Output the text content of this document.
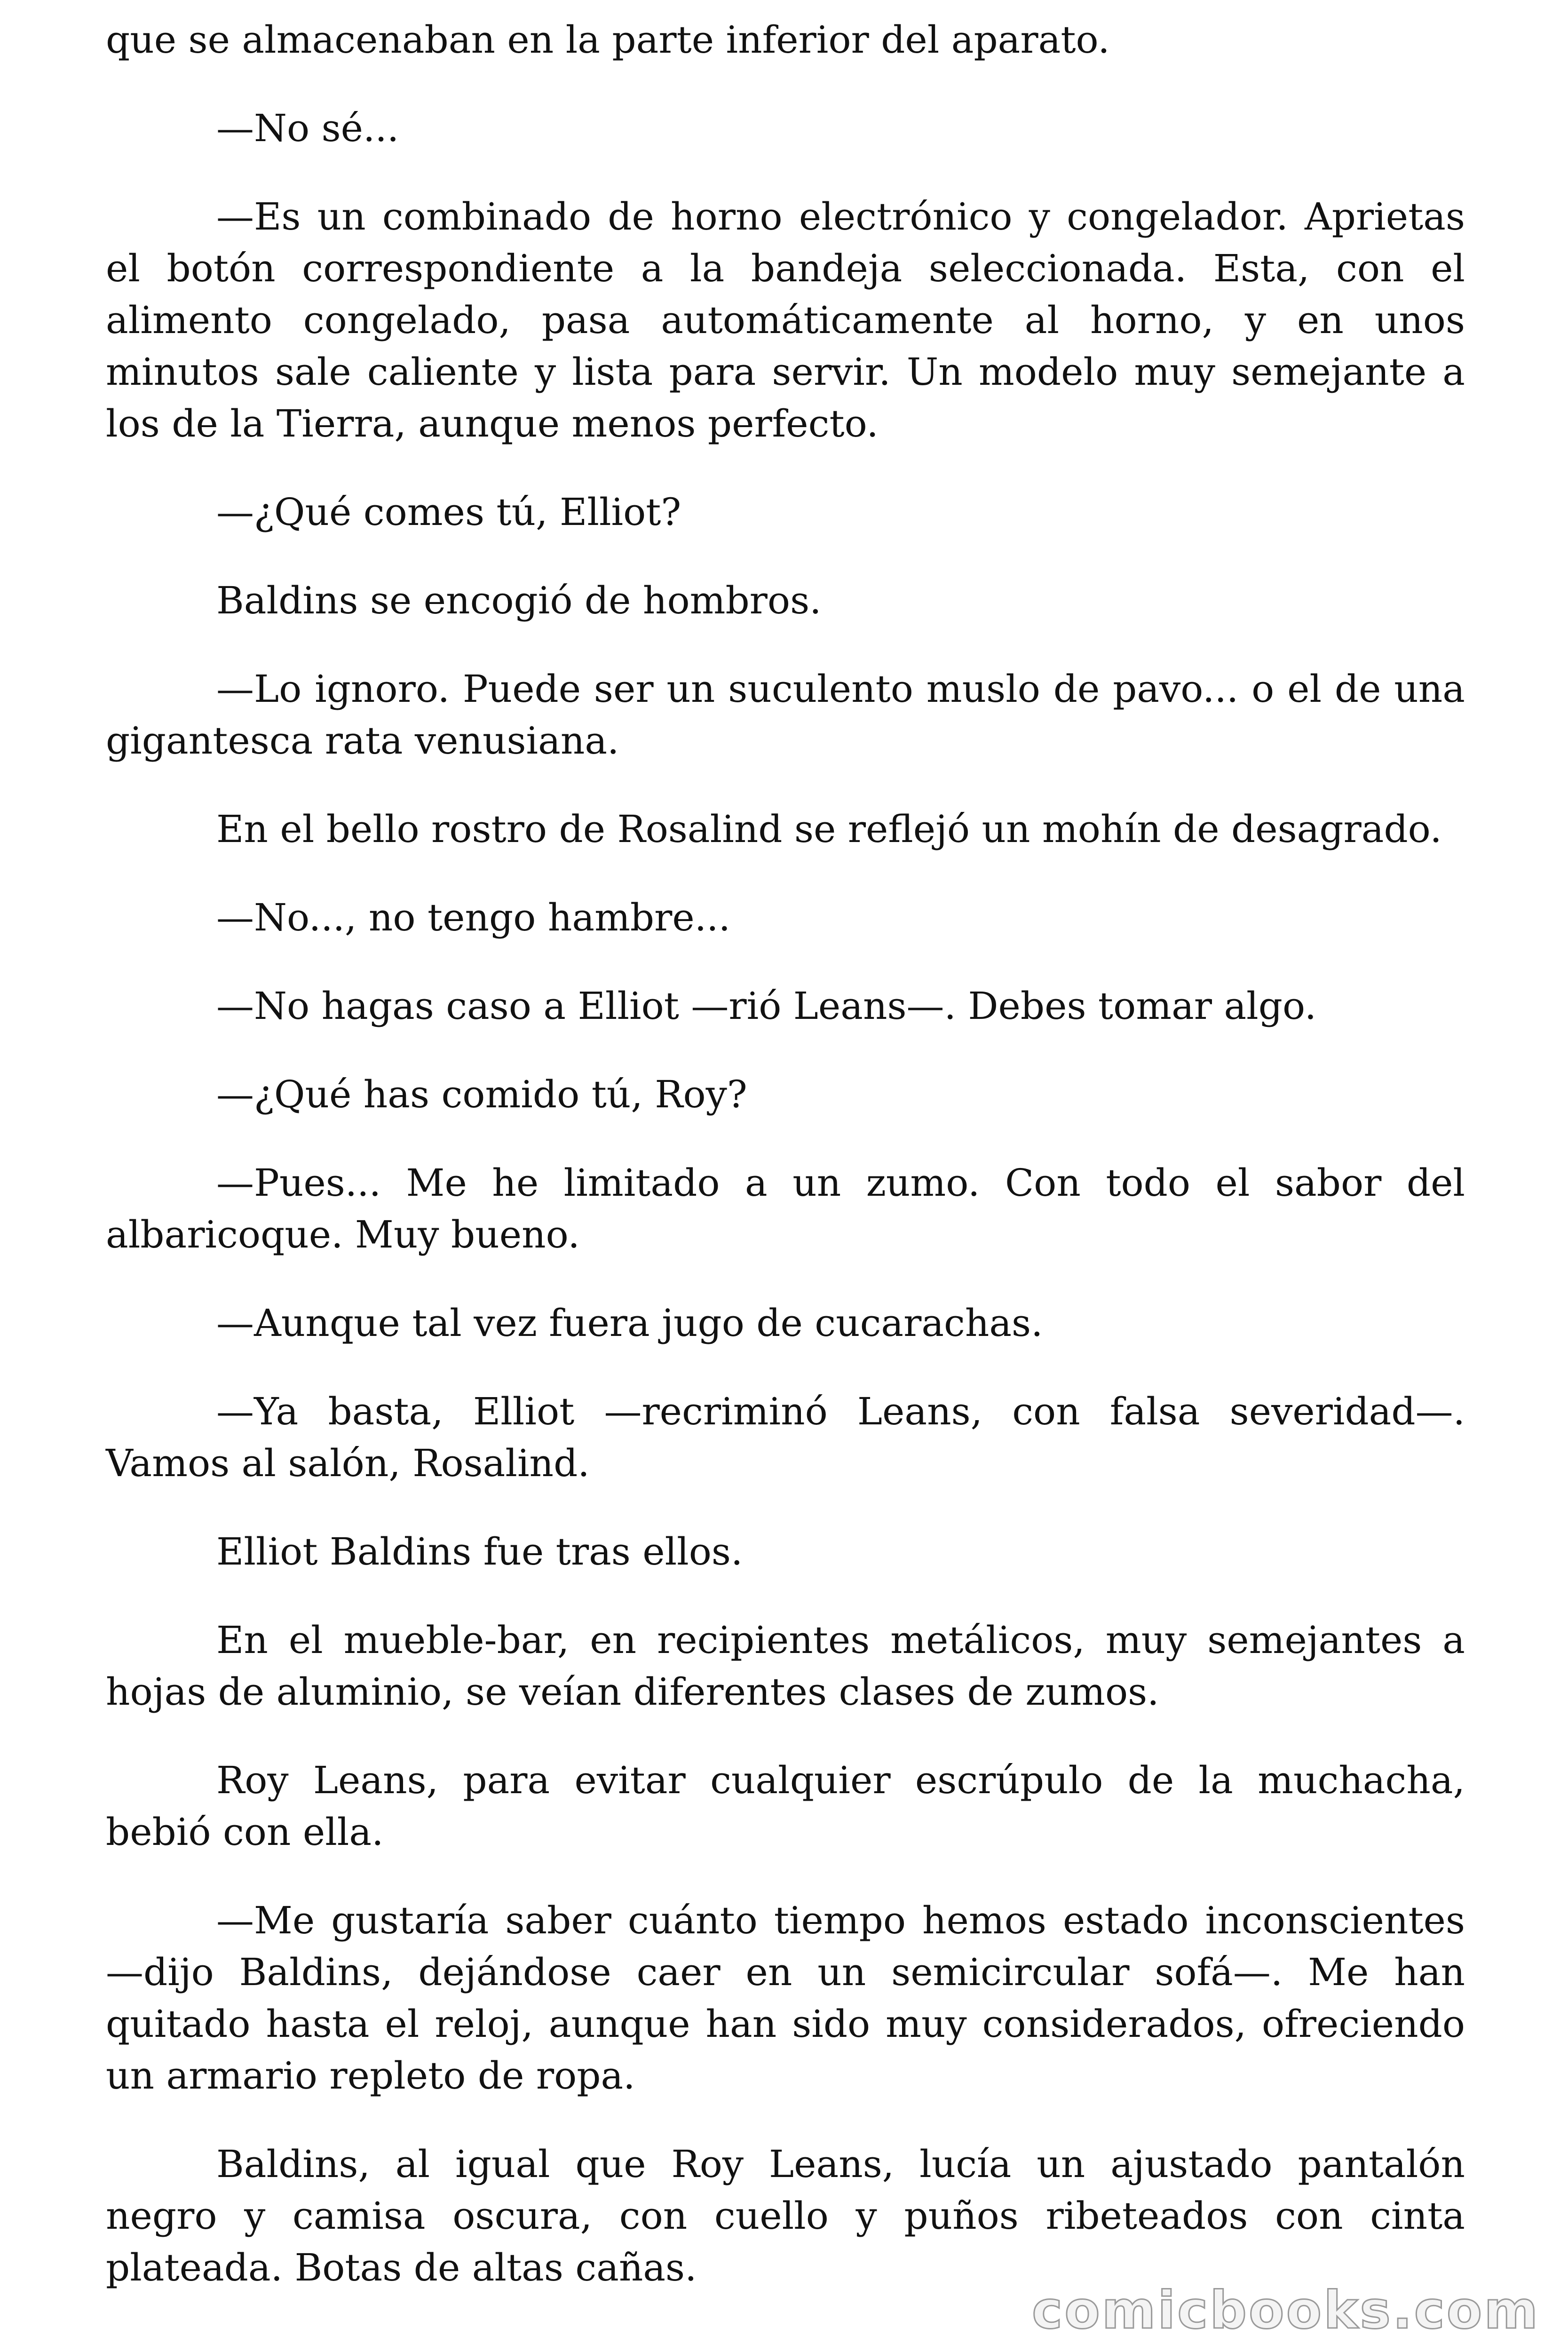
que se almacenaban en la parte inferior del aparato.

—No sé...

—Es un combinado de horno electrónico y congelador. Aprietas el botón correspondiente a la bandeja seleccionada. Esta, con el alimento congelado, pasa automáticamente al horno, y en unos minutos sale caliente y lista para servir. Un modelo muy semejante a los de la Tierra, aunque menos perfecto.

—¿Qué comes tú, Elliot?

Baldins se encogió de hombros.

—Lo ignoro. Puede ser un suculento muslo de pavo... o el de una gigantesca rata venusiana.

En el bello rostro de Rosalind se reflejó un mohín de desagrado.

—No..., no tengo hambre...

—No hagas caso a Elliot —rió Leans—. Debes tomar algo.

—¿Qué has comido tú, Roy?

—Pues... Me he limitado a un zumo. Con todo el sabor del albaricoque. Muy bueno.

—Aunque tal vez fuera jugo de cucarachas.

—Ya basta, Elliot —recriminó Leans, con falsa severidad—. Vamos al salón, Rosalind.

Elliot Baldins fue tras ellos.

En el mueble-bar, en recipientes metálicos, muy semejantes a hojas de aluminio, se veían diferentes clases de zumos.

Roy Leans, para evitar cualquier escrúpulo de la muchacha, bebió con ella.

—Me gustaría saber cuánto tiempo hemos estado inconscientes —dijo Baldins, dejándose caer en un semicircular sofá—. Me han quitado hasta el reloj, aunque han sido muy considerados, ofreciendo un armario repleto de ropa.

Baldins, al igual que Roy Leans, lucía un ajustado pantalón negro y camisa oscura, con cuello y puños ribeteados con cinta plateada. Botas de altas cañas.

comicbooks.com
